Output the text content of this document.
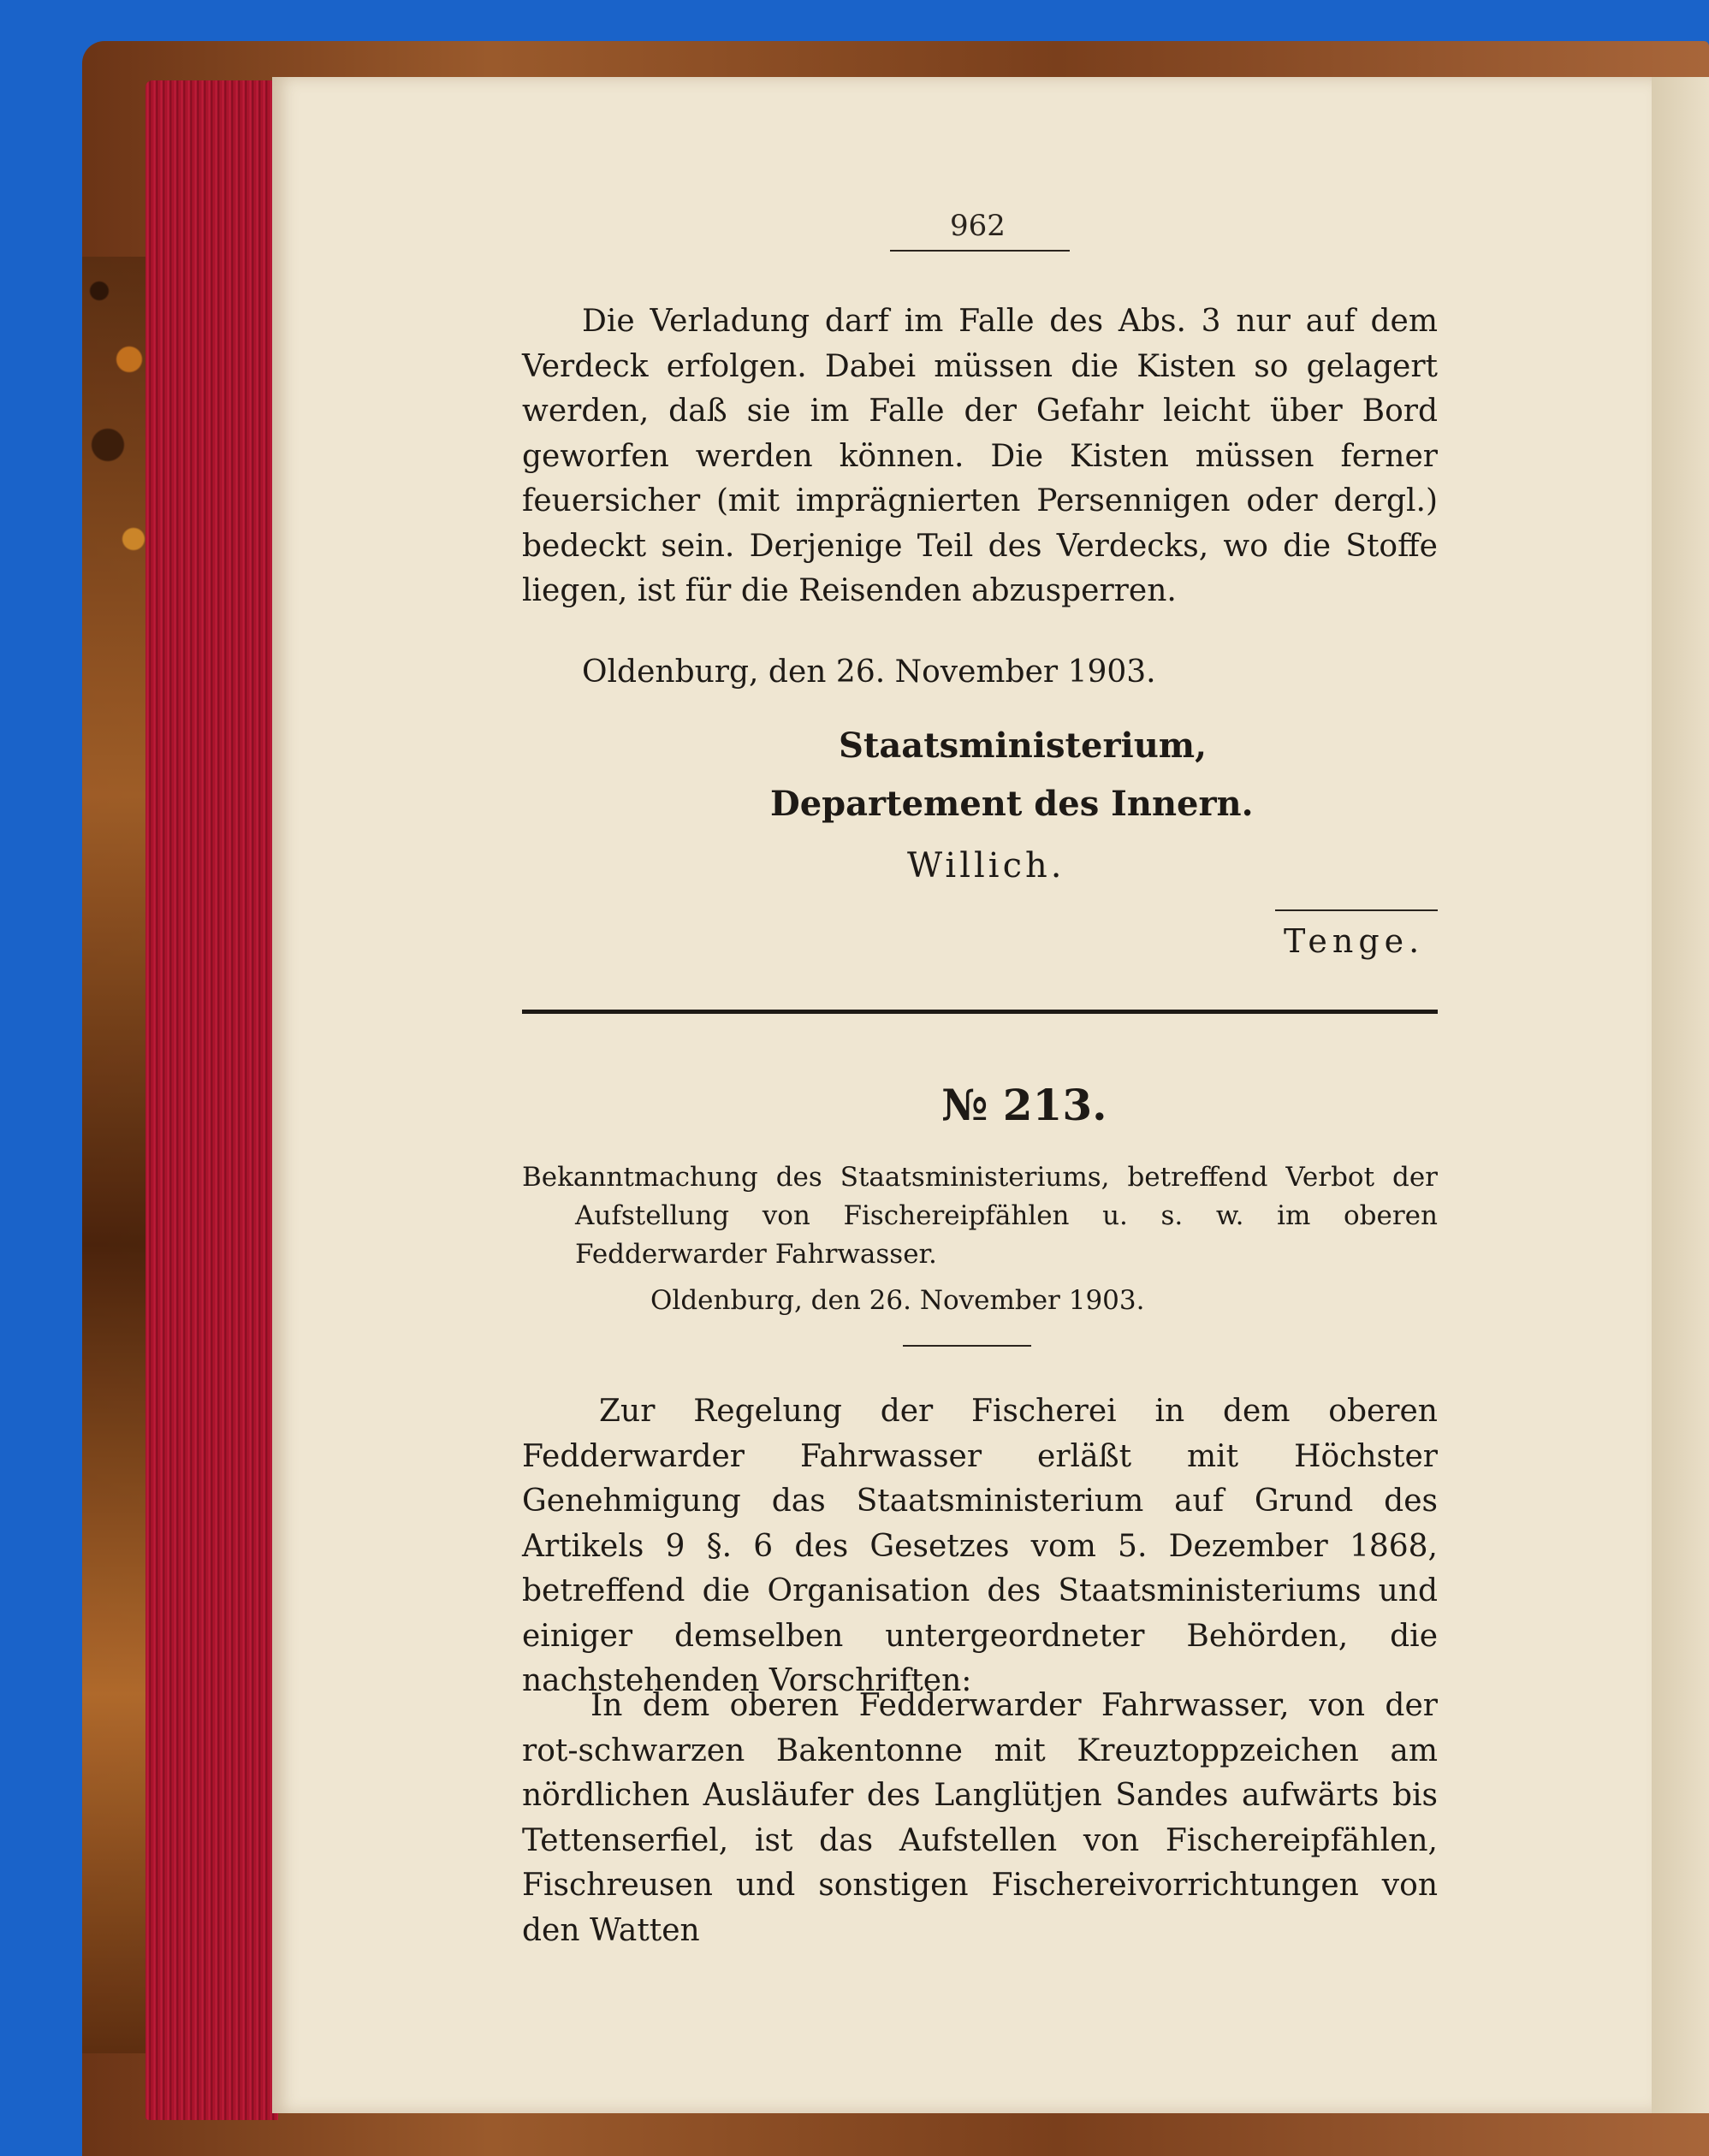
962
Die Verladung darf im Falle des Abs. 3 nur auf dem Verdeck erfolgen. Dabei müssen die Kisten so gelagert werden, daß sie im Falle der Gefahr leicht über Bord geworfen werden können. Die Kisten müssen ferner feuersicher (mit imprägnierten Persennigen oder dergl.) bedeckt sein. Derjenige Teil des Verdecks, wo die Stoffe liegen, ist für die Reisenden abzusperren.
Oldenburg, den 26. November 1903.
Staatsministerium,
Departement des Innern.
Willich.
Tenge.
№ 213.
Bekanntmachung des Staatsministeriums, betreffend Verbot der Aufstellung von Fischereipfählen u. s. w. im oberen Fedderwarder Fahrwasser.
Oldenburg, den 26. November 1903.
Zur Regelung der Fischerei in dem oberen Fedderwarder Fahrwasser erläßt mit Höchster Genehmigung das Staatsministerium auf Grund des Artikels 9 §. 6 des Gesetzes vom 5. Dezember 1868, betreffend die Organisation des Staatsministeriums und einiger demselben untergeordneter Behörden, die nachstehenden Vorschriften:
In dem oberen Fedderwarder Fahrwasser, von der rot-schwarzen Bakentonne mit Kreuztoppzeichen am nördlichen Ausläufer des Langlütjen Sandes aufwärts bis Tettenserfiel, ist das Aufstellen von Fischereipfählen, Fischreusen und sonstigen Fischereivorrichtungen von den Watten
